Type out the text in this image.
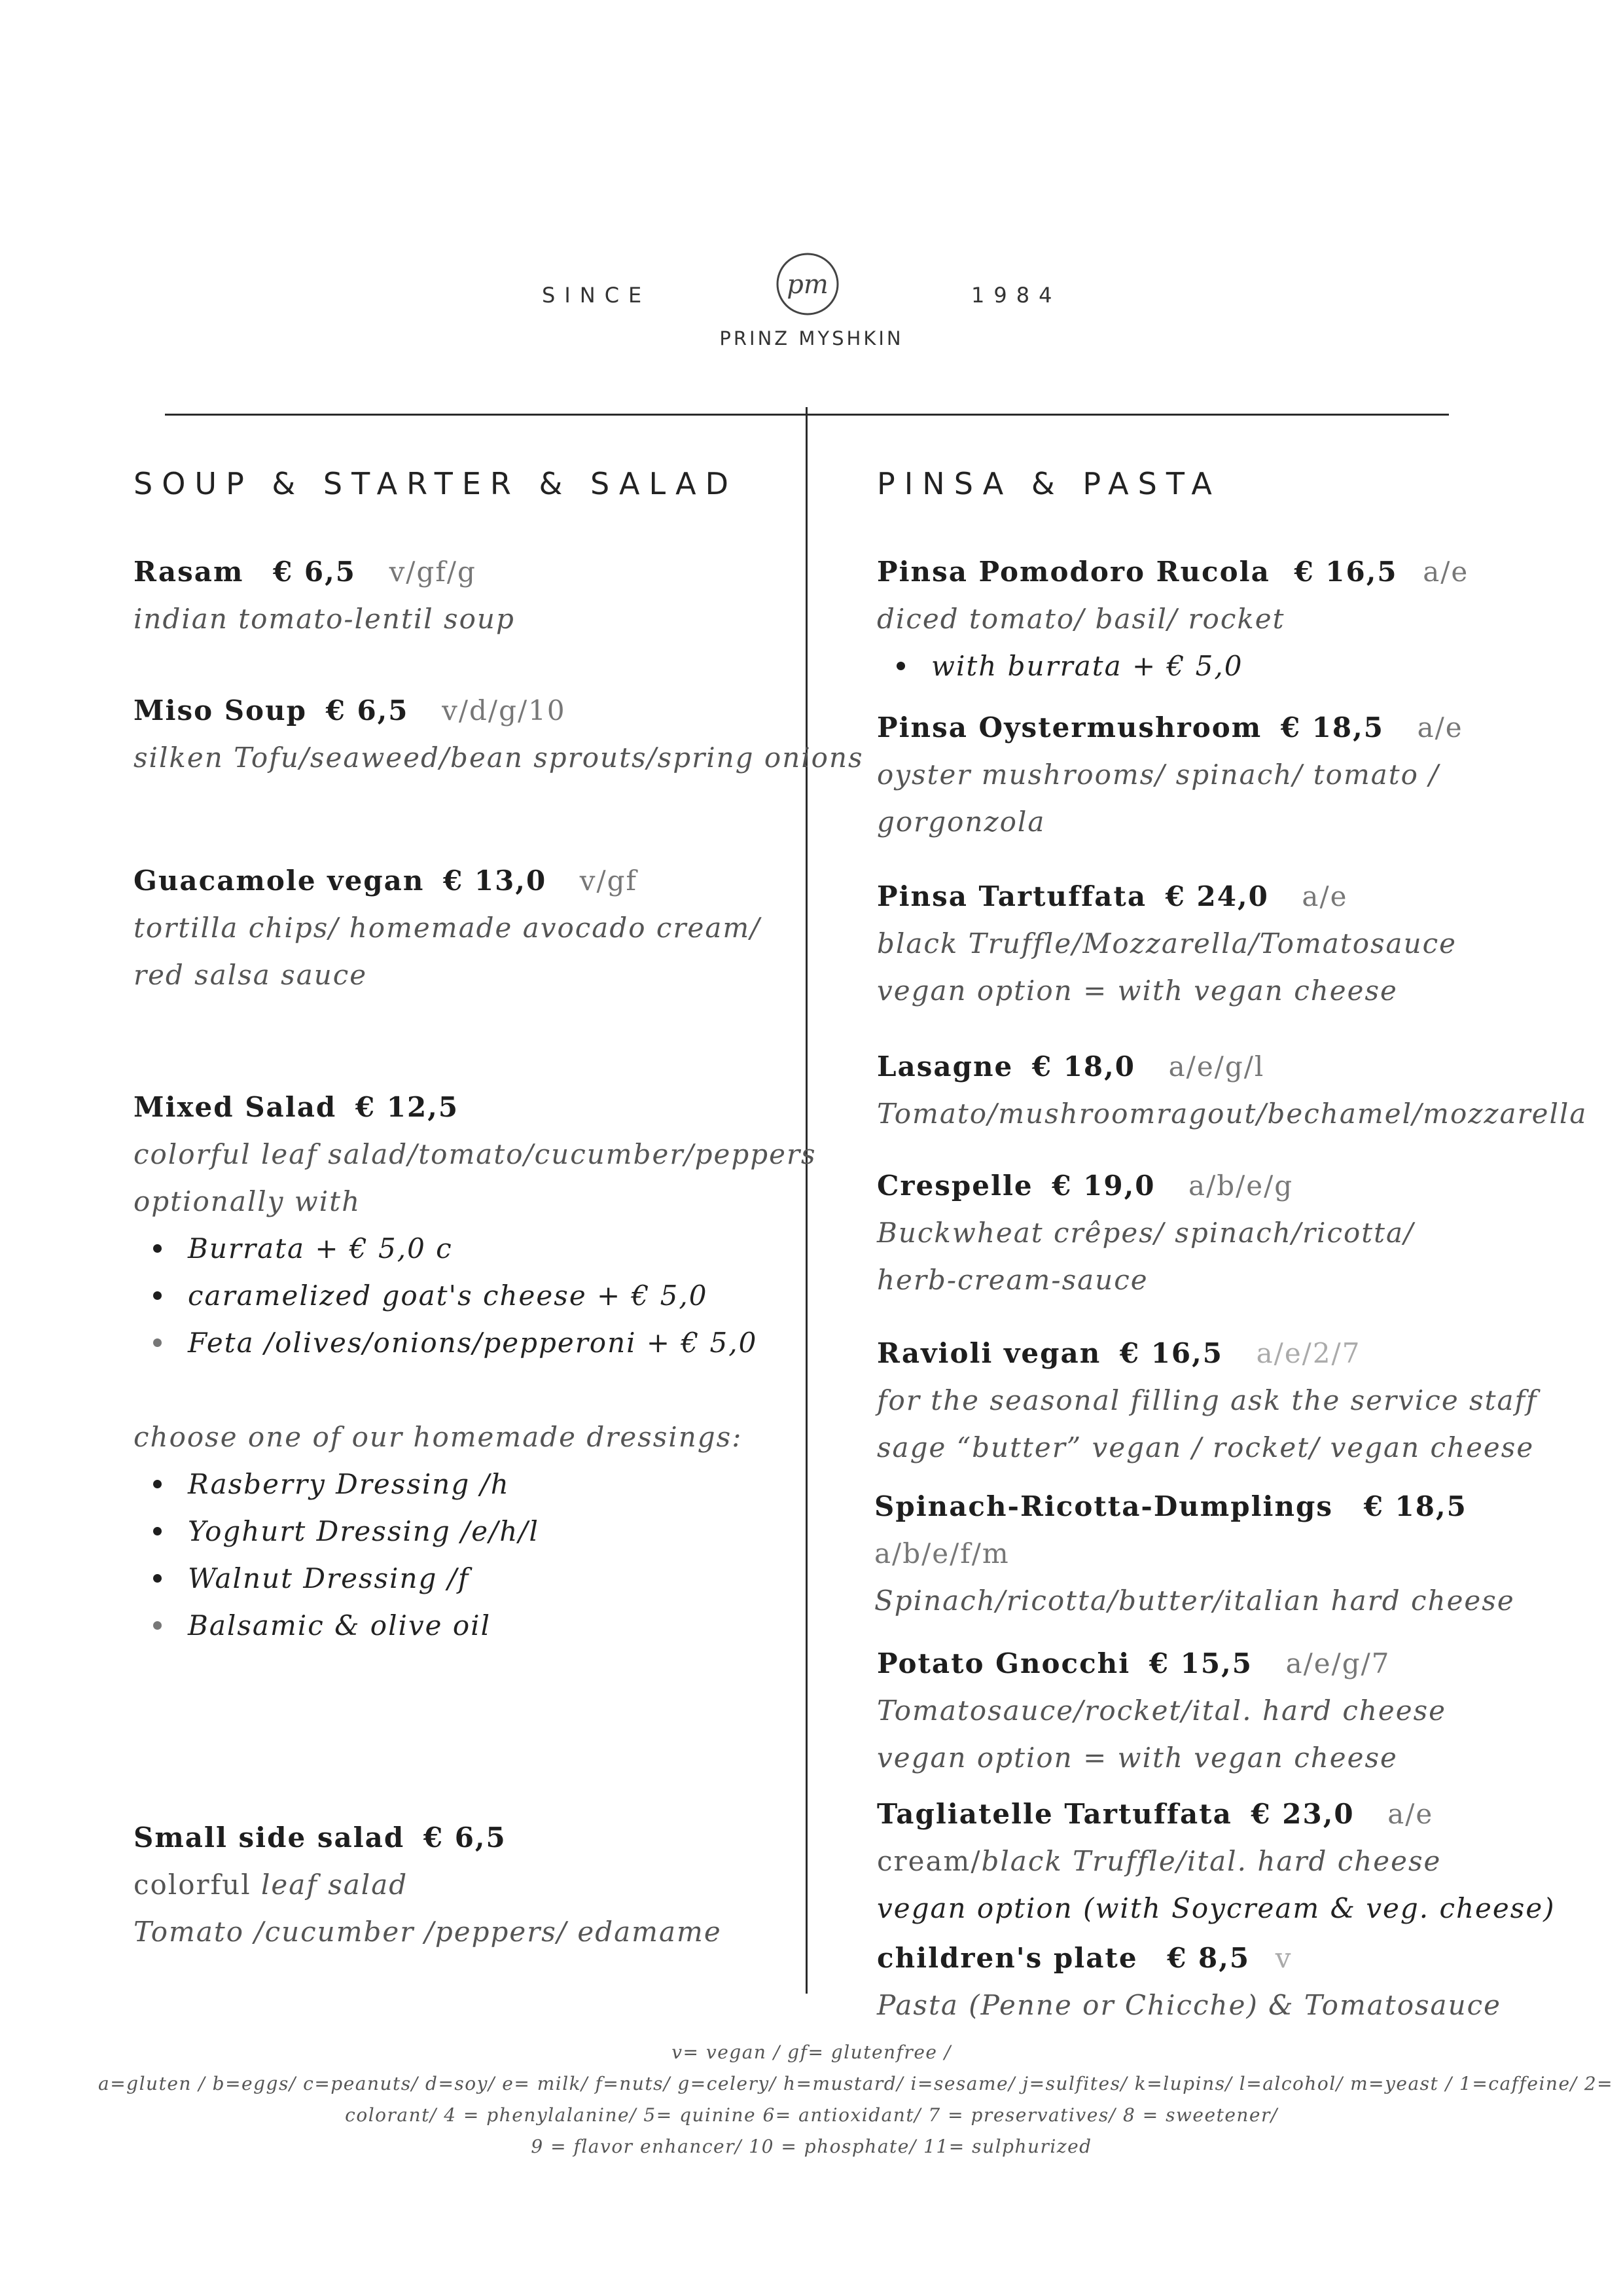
SINCE	pm	1984
PRINZ MYSHKIN
SOUP & STARTER & SALAD
Rasam € 6,5 v/gf/g
indian tomato-lentil soup
Miso Soup € 6,5 v/d/g/10
silken Tofu/seaweed/bean sprouts/spring onions
Guacamole vegan € 13,0 v/gf
tortilla chips/ homemade avocado cream/
red salsa sauce
Mixed Salad € 12,5
colorful leaf salad/tomato/cucumber/peppers
optionally with
Burrata + € 5,0 c
caramelized goat's cheese + € 5,0
Feta /olives/onions/pepperoni + € 5,0
choose one of our homemade dressings:
Rasberry Dressing /h
Yoghurt Dressing /e/h/l
Walnut Dressing /f
Balsamic & olive oil
Small side salad € 6,5
colorful leaf salad
Tomato /cucumber /peppers/ edamame
PINSA & PASTA
Pinsa Pomodoro Rucola € 16,5 a/e
diced tomato/ basil/ rocket
with burrata + € 5,0
Pinsa Oystermushroom € 18,5 a/e
oyster mushrooms/ spinach/ tomato /
gorgonzola
Pinsa Tartuffata € 24,0 a/e
black Truffle/Mozzarella/Tomatosauce
vegan option = with vegan cheese
Lasagne € 18,0 a/e/g/l
Tomato/mushroomragout/bechamel/mozzarella
Crespelle € 19,0 a/b/e/g
Buckwheat crêpes/ spinach/ricotta/
herb-cream-sauce
Ravioli vegan € 16,5 a/e/2/7
for the seasonal filling ask the service staff
sage “butter” vegan / rocket/ vegan cheese
Spinach-Ricotta-Dumplings € 18,5
a/b/e/f/m
Spinach/ricotta/butter/italian hard cheese
Potato Gnocchi € 15,5 a/e/g/7
Tomatosauce/rocket/ital. hard cheese
vegan option = with vegan cheese
Tagliatelle Tartuffata € 23,0 a/e
cream/black Truffle/ital. hard cheese
vegan option (with Soycream & veg. cheese)
children's plate € 8,5 v
Pasta (Penne or Chicche) & Tomatosauce
v= vegan / gf= glutenfree /
a=gluten / b=eggs/ c=peanuts/ d=soy/ e= milk/ f=nuts/ g=celery/ h=mustard/ i=sesame/ j=sulfites/ k=lupins/ l=alcohol/ m=yeast / 1=caffeine/ 2=
colorant/ 4 = phenylalanine/ 5= quinine 6= antioxidant/ 7 = preservatives/ 8 = sweetener/
9 = flavor enhancer/ 10 = phosphate/ 11= sulphurized
